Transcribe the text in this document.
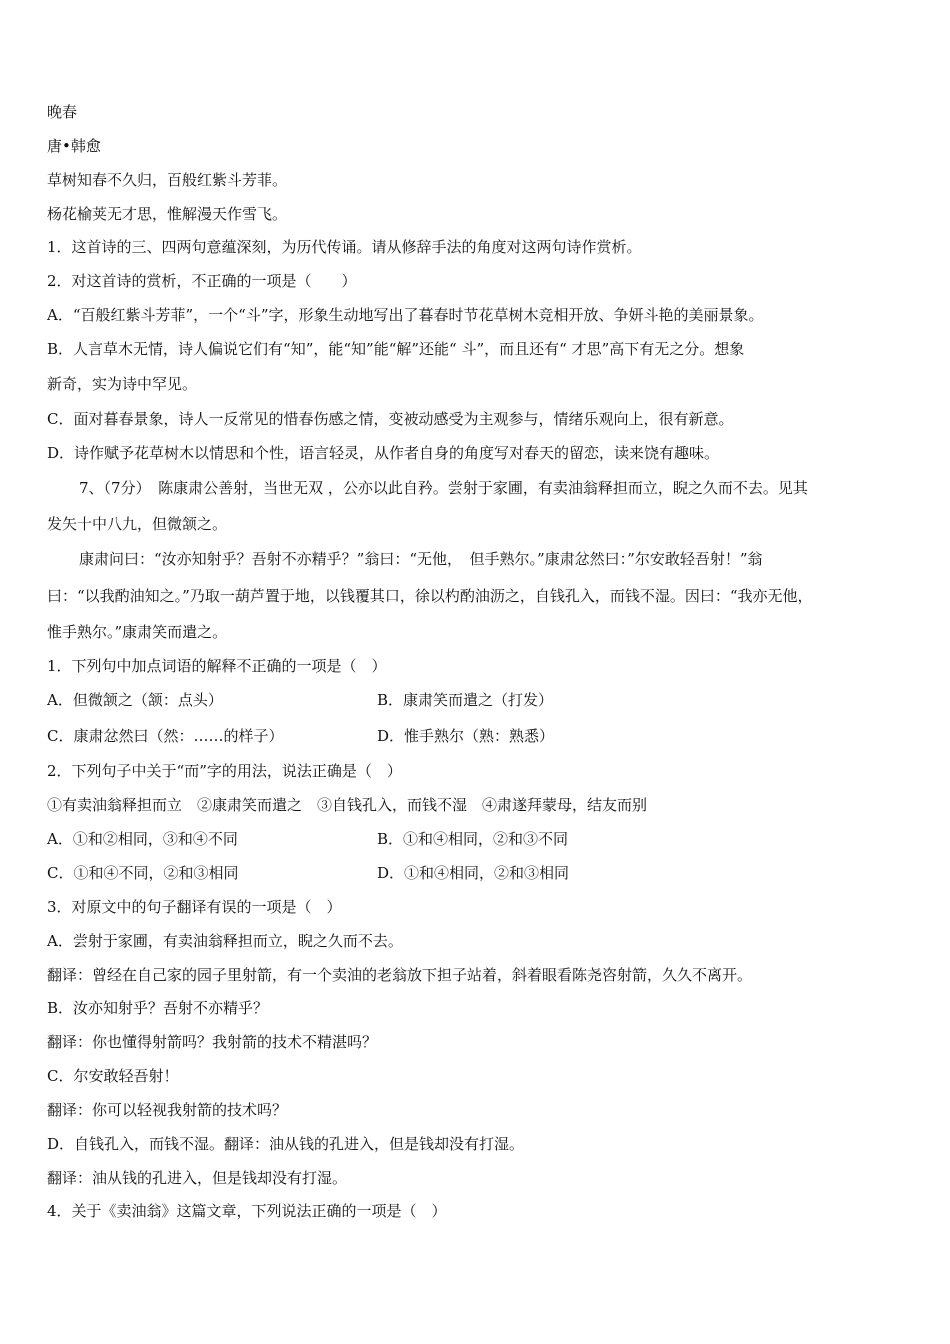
晚春
唐•韩愈
草树知春不久归，百般红紫斗芳菲。
杨花榆荚无才思，惟解漫天作雪飞。
1．这首诗的三、四两句意蕴深刻，为历代传诵。请从修辞手法的角度对这两句诗作赏析。
2．对这首诗的赏析，不正确的一项是（　　）
A．“百般红紫斗芳菲”，一个“斗”字，形象生动地写出了暮春时节花草树木竞相开放、争妍斗艳的美丽景象。
B．人言草木无情，诗人偏说它们有“知”，能“知”能“解”还能“ 斗”，而且还有“ 才思”高下有无之分。想象
新奇，实为诗中罕见。
C．面对暮春景象，诗人一反常见的惜春伤感之情，变被动感受为主观参与，情绪乐观向上，很有新意。
D．诗作赋予花草树木以情思和个性，语言轻灵，从作者自身的角度写对春天的留恋，读来饶有趣味。
7、（7分）　陈康肃公善射，当世无双 ，公亦以此自矜。尝射于家圃，有卖油翁释担而立，睨之久而不去。见其
发矢十中八九，但微颔之。
康肃问曰：“汝亦知射乎？吾射不亦精乎？”翁曰：“无他，　但手熟尔。”康肃忿然曰：”尔安敢轻吾射！”翁
曰：“以我酌油知之。”乃取一葫芦置于地，以钱覆其口，徐以杓酌油沥之，自钱孔入，而钱不湿。因曰：“我亦无他，
惟手熟尔。”康肃笑而遣之。
1．下列句中加点词语的解释不正确的一项是（　）
A．但微颔之（颔：点头）	B．康肃笑而遣之（打发）
C．康肃忿然曰（然：……的样子）	D．惟手熟尔（熟：熟悉）
2．下列句子中关于“而”字的用法，说法正确是（　）
①有卖油翁释担而立　②康肃笑而遣之　③自钱孔入，而钱不湿　④肃遂拜蒙母，结友而别
A．①和②相同，③和④不同	B．①和④相同，②和③不同
C．①和④不同，②和③相同	D．①和④相同，②和③相同
3．对原文中的句子翻译有误的一项是（　）
A．尝射于家圃，有卖油翁释担而立，睨之久而不去。
翻译：曾经在自己家的园子里射箭，有一个卖油的老翁放下担子站着，斜着眼看陈尧咨射箭，久久不离开。
B．汝亦知射乎？吾射不亦精乎？
翻译：你也懂得射箭吗？我射箭的技术不精湛吗？
C．尔安敢轻吾射！
翻译：你可以轻视我射箭的技术吗？
D．自钱孔入，而钱不湿。翻译：油从钱的孔进入，但是钱却没有打湿。
翻译：油从钱的孔进入，但是钱却没有打湿。
4．关于《卖油翁》这篇文章，下列说法正确的一项是（　）
